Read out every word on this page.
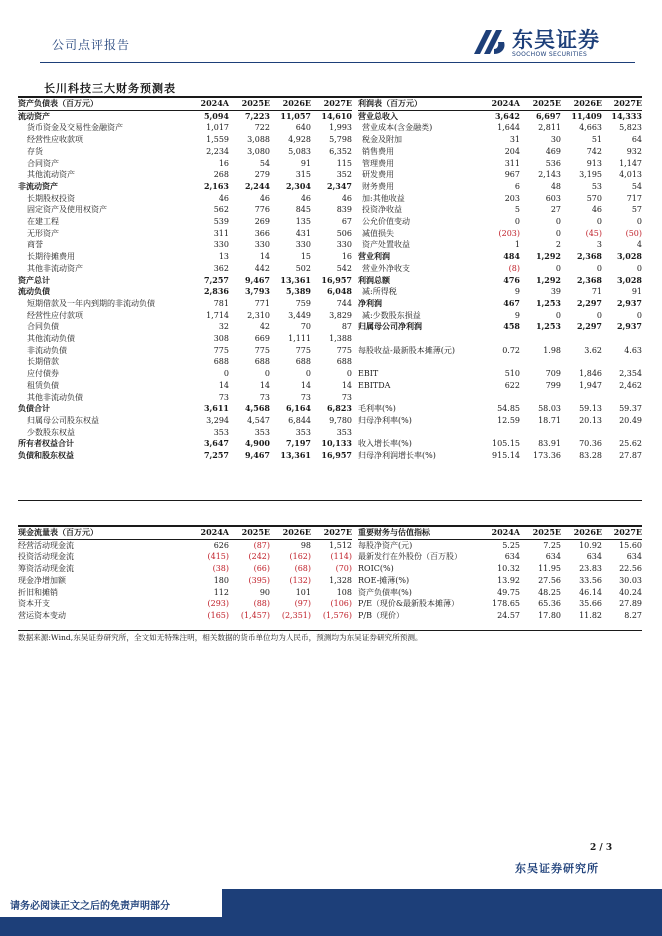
公司点评报告	东吴证券
SOOCHOW SECURITIES
长川科技三大财务预测表
资产负债表（百万元）	2024A	2025E	2026E	2027E
流动资产	5,094	7,223	11,057	14,610
货币资金及交易性金融资产	1,017	722	640	1,993
经营性应收款项	1,559	3,088	4,928	5,798
存货	2,234	3,080	5,083	6,352
合同资产	16	54	91	115
其他流动资产	268	279	315	352
非流动资产	2,163	2,244	2,304	2,347
长期股权投资	46	46	46	46
固定资产及使用权资产	562	776	845	839
在建工程	539	269	135	67
无形资产	311	366	431	506
商誉	330	330	330	330
长期待摊费用	13	14	15	16
其他非流动资产	362	442	502	542
资产总计	7,257	9,467	13,361	16,957
流动负债	2,836	3,793	5,389	6,048
短期借款及一年内到期的非流动负债	781	771	759	744
经营性应付款项	1,714	2,310	3,449	3,829
合同负债	32	42	70	87
其他流动负债	308	669	1,111	1,388
非流动负债	775	775	775	775
长期借款	688	688	688	688
应付债券	0	0	0	0
租赁负债	14	14	14	14
其他非流动负债	73	73	73	73
负债合计	3,611	4,568	6,164	6,823
归属母公司股东权益	3,294	4,547	6,844	9,780
少数股东权益	353	353	353	353
所有者权益合计	3,647	4,900	7,197	10,133
负债和股东权益	7,257	9,467	13,361	16,957
利润表（百万元）	2024A	2025E	2026E	2027E
营业总收入	3,642	6,697	11,409	14,333
营业成本(含金融类)	1,644	2,811	4,663	5,823
税金及附加	31	30	51	64
销售费用	204	469	742	932
管理费用	311	536	913	1,147
研发费用	967	2,143	3,195	4,013
财务费用	6	48	53	54
加:其他收益	203	603	570	717
投资净收益	5	27	46	57
公允价值变动	0	0	0	0
减值损失	(203)	0	(45)	(50)
资产处置收益	1	2	3	4
营业利润	484	1,292	2,368	3,028
营业外净收支	(8)	0	0	0
利润总额	476	1,292	2,368	3,028
减:所得税	9	39	71	91
净利润	467	1,253	2,297	2,937
减:少数股东损益	9	0	0	0
归属母公司净利润	458	1,253	2,297	2,937

每股收益-最新股本摊薄(元)	0.72	1.98	3.62	4.63

EBIT	510	709	1,846	2,354
EBITDA	622	799	1,947	2,462

毛利率(%)	54.85	58.03	59.13	59.37
归母净利率(%)	12.59	18.71	20.13	20.49

收入增长率(%)	105.15	83.91	70.36	25.62
归母净利润增长率(%)	915.14	173.36	83.28	27.87
现金流量表（百万元）	2024A	2025E	2026E	2027E
经营活动现金流	626	(87)	98	1,512
投资活动现金流	(415)	(242)	(162)	(114)
筹资活动现金流	(38)	(66)	(68)	(70)
现金净增加额	180	(395)	(132)	1,328
折旧和摊销	112	90	101	108
资本开支	(293)	(88)	(97)	(106)
营运资本变动	(165)	(1,457)	(2,351)	(1,576)
重要财务与估值指标	2024A	2025E	2026E	2027E
每股净资产(元)	5.25	7.25	10.92	15.60
最新发行在外股份（百万股）	634	634	634	634
ROIC(%)	10.32	11.95	23.83	22.56
ROE-摊薄(%)	13.92	27.56	33.56	30.03
资产负债率(%)	49.75	48.25	46.14	40.24
P/E（现价&最新股本摊薄）	178.65	65.36	35.66	27.89
P/B（现价）	24.57	17.80	11.82	8.27
数据来源:Wind,东吴证券研究所，全文如无特殊注明，相关数据的货币单位均为人民币，预测均为东吴证券研究所预测。
2 / 3
东吴证券研究所
请务必阅读正文之后的免责声明部分
